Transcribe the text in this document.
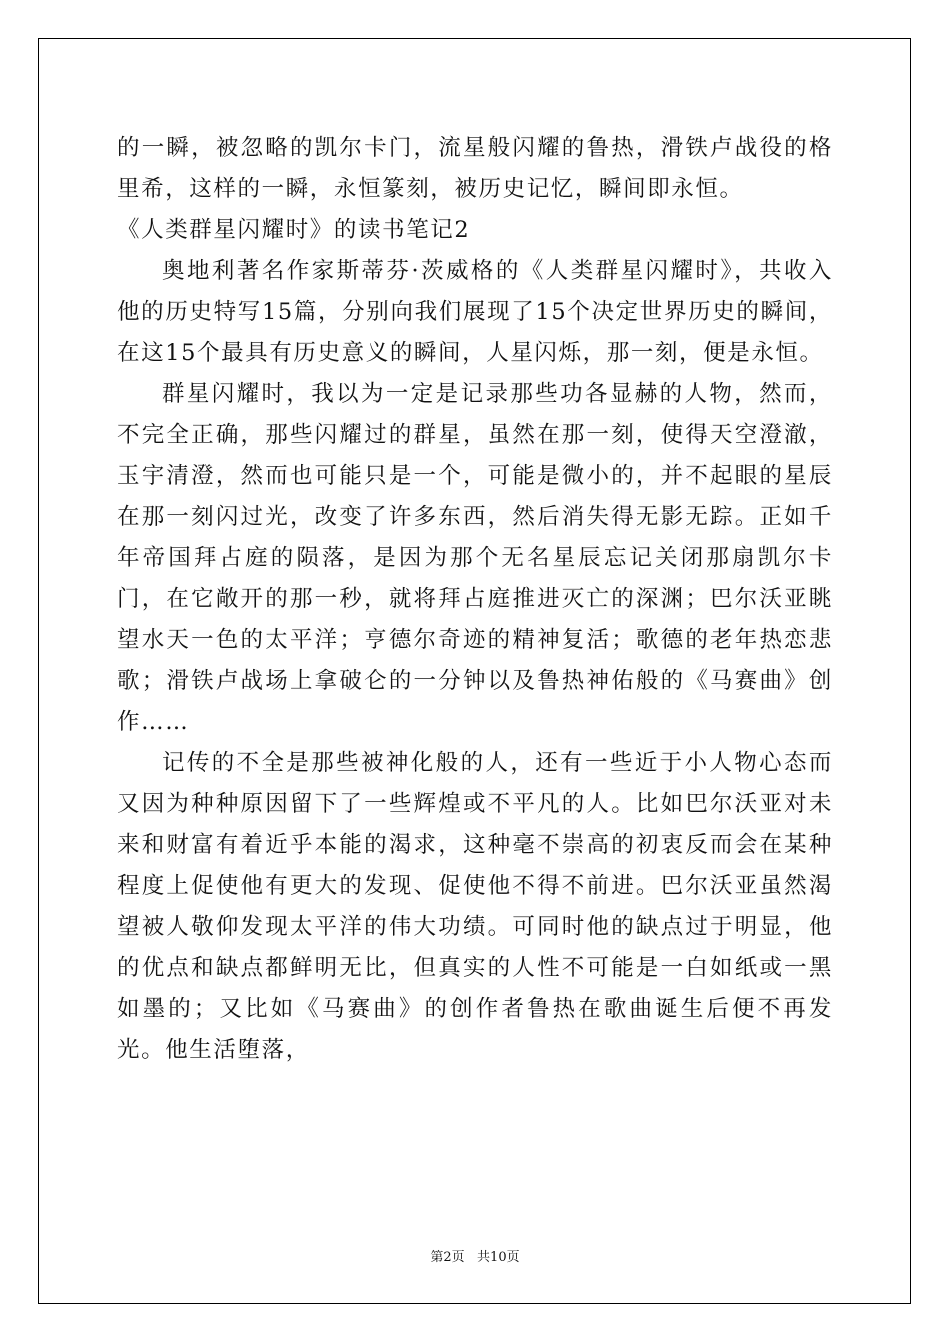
的一瞬，被忽略的凯尔卡门，流星般闪耀的鲁热，滑铁卢战役的格里希，这样的一瞬，永恒篆刻，被历史记忆，瞬间即永恒。

《人类群星闪耀时》的读书笔记2

奥地利著名作家斯蒂芬·茨威格的《人类群星闪耀时》，共收入他的历史特写15篇，分别向我们展现了15个决定世界历史的瞬间，在这15个最具有历史意义的瞬间，人星闪烁，那一刻，便是永恒。

群星闪耀时，我以为一定是记录那些功各显赫的人物，然而，不完全正确，那些闪耀过的群星，虽然在那一刻，使得天空澄澈，玉宇清澄，然而也可能只是一个，可能是微小的，并不起眼的星辰在那一刻闪过光，改变了许多东西，然后消失得无影无踪。正如千年帝国拜占庭的陨落，是因为那个无名星辰忘记关闭那扇凯尔卡门，在它敞开的那一秒，就将拜占庭推进灭亡的深渊；巴尔沃亚眺望水天一色的太平洋；亨德尔奇迹的精神复活；歌德的老年热恋悲歌；滑铁卢战场上拿破仑的一分钟以及鲁热神佑般的《马赛曲》创作……

记传的不全是那些被神化般的人，还有一些近于小人物心态而又因为种种原因留下了一些辉煌或不平凡的人。比如巴尔沃亚对未来和财富有着近乎本能的渴求，这种毫不崇高的初衷反而会在某种程度上促使他有更大的发现、促使他不得不前进。巴尔沃亚虽然渴望被人敬仰发现太平洋的伟大功绩。可同时他的缺点过于明显，他的优点和缺点都鲜明无比，但真实的人性不可能是一白如纸或一黑如墨的；又比如《马赛曲》的创作者鲁热在歌曲诞生后便不再发光。他生活堕落，

第2页   共10页
